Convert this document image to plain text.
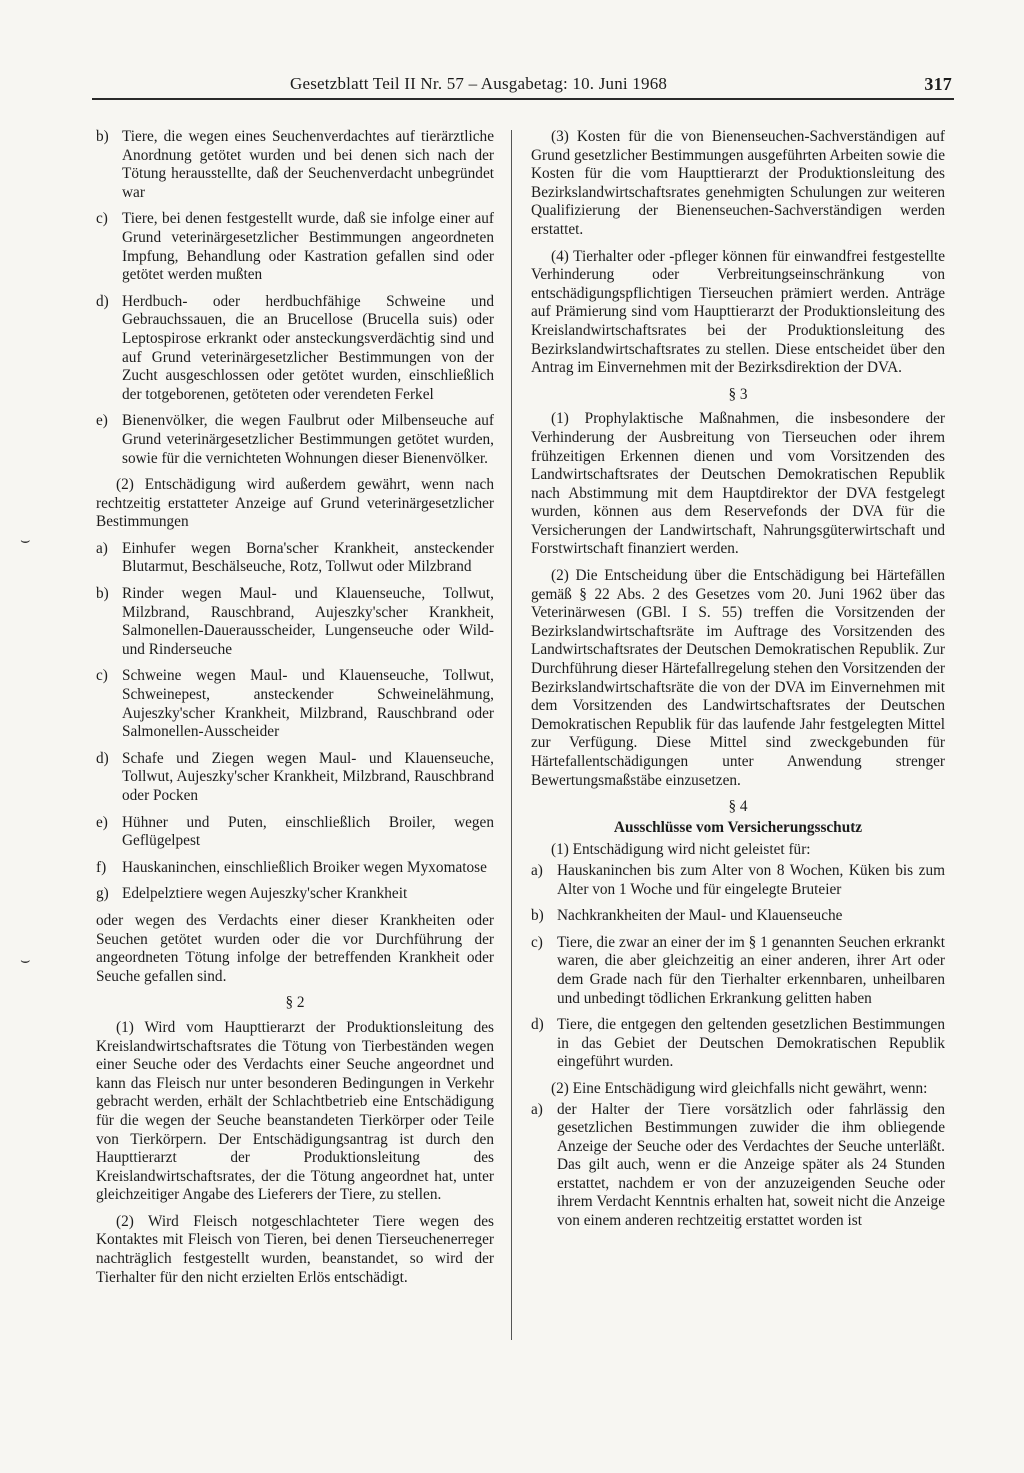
Gesetzblatt Teil II Nr. 57 – Ausgabetag: 10. Juni 1968	317
⌣
⌣
b) Tiere, die wegen eines Seuchenverdachtes auf tierärztliche Anordnung getötet wurden und bei denen sich nach der Tötung herausstellte, daß der Seuchenverdacht unbegründet war
c) Tiere, bei denen festgestellt wurde, daß sie infolge einer auf Grund veterinärgesetzlicher Bestimmungen angeordneten Impfung, Behandlung oder Kastration gefallen sind oder getötet werden mußten
d) Herdbuch- oder herdbuchfähige Schweine und Gebrauchssauen, die an Brucellose (Brucella suis) oder Leptospirose erkrankt oder ansteckungsverdächtig sind und auf Grund veterinärgesetzlicher Bestimmungen von der Zucht ausgeschlossen oder getötet wurden, einschließlich der totgeborenen, getöteten oder verendeten Ferkel
e) Bienenvölker, die wegen Faulbrut oder Milbenseuche auf Grund veterinärgesetzlicher Bestimmungen getötet wurden, sowie für die vernichteten Wohnungen dieser Bienenvölker.

(2) Entschädigung wird außerdem gewährt, wenn nach rechtzeitig erstatteter Anzeige auf Grund veterinärgesetzlicher Bestimmungen

a) Einhufer wegen Borna'scher Krankheit, ansteckender Blutarmut, Beschälseuche, Rotz, Tollwut oder Milzbrand
b) Rinder wegen Maul- und Klauenseuche, Tollwut, Milzbrand, Rauschbrand, Aujeszky'scher Krankheit, Salmonellen-Dauerausscheider, Lungenseuche oder Wild- und Rinderseuche
c) Schweine wegen Maul- und Klauenseuche, Tollwut, Schweinepest, ansteckender Schweinelähmung, Aujeszky'scher Krankheit, Milzbrand, Rauschbrand oder Salmonellen-Ausscheider
d) Schafe und Ziegen wegen Maul- und Klauenseuche, Tollwut, Aujeszky'scher Krankheit, Milzbrand, Rauschbrand oder Pocken
e) Hühner und Puten, einschließlich Broiler, wegen Geflügelpest
f)	Hauskaninchen, einschließlich Broiker wegen Myxomatose
g) Edelpelztiere wegen Aujeszky'scher Krankheit

oder wegen des Verdachts einer dieser Krankheiten oder Seuchen getötet wurden oder die vor Durchführung der angeordneten Tötung infolge der betreffenden Krankheit oder Seuche gefallen sind.

§ 2

(1) Wird vom Haupttierarzt der Produktionsleitung des Kreislandwirtschaftsrates die Tötung von Tierbeständen wegen einer Seuche oder des Verdachts einer Seuche angeordnet und kann das Fleisch nur unter besonderen Bedingungen in Verkehr gebracht werden, erhält der Schlachtbetrieb eine Entschädigung für die wegen der Seuche beanstandeten Tierkörper oder Teile von Tierkörpern. Der Entschädigungsantrag ist durch den Haupttierarzt der Produktionsleitung des Kreislandwirtschaftsrates, der die Tötung angeordnet hat, unter gleichzeitiger Angabe des Lieferers der Tiere, zu stellen.

(2) Wird Fleisch notgeschlachteter Tiere wegen des Kontaktes mit Fleisch von Tieren, bei denen Tierseuchenerreger nachträglich festgestellt wurden, beanstandet, so wird der Tierhalter für den nicht erzielten Erlös entschädigt.

(3) Kosten für die von Bienenseuchen-Sachverständigen auf Grund gesetzlicher Bestimmungen ausgeführten Arbeiten sowie die Kosten für die vom Haupttierarzt der Produktionsleitung des Bezirkslandwirtschaftsrates genehmigten Schulungen zur weiteren Qualifizierung der Bienenseuchen-Sachverständigen werden erstattet.

(4) Tierhalter oder -pfleger können für einwandfrei festgestellte Verhinderung oder Verbreitungseinschränkung von entschädigungspflichtigen Tierseuchen prämiert werden. Anträge auf Prämierung sind vom Haupttierarzt der Produktionsleitung des Kreislandwirtschaftsrates bei der Produktionsleitung des Bezirkslandwirtschaftsrates zu stellen. Diese entscheidet über den Antrag im Einvernehmen mit der Bezirksdirektion der DVA.

§ 3

(1) Prophylaktische Maßnahmen, die insbesondere der Verhinderung der Ausbreitung von Tierseuchen oder ihrem frühzeitigen Erkennen dienen und vom Vorsitzenden des Landwirtschaftsrates der Deutschen Demokratischen Republik nach Abstimmung mit dem Hauptdirektor der DVA festgelegt wurden, können aus dem Reservefonds der DVA für die Versicherungen der Landwirtschaft, Nahrungsgüterwirtschaft und Forstwirtschaft finanziert werden.

(2) Die Entscheidung über die Entschädigung bei Härtefällen gemäß § 22 Abs. 2 des Gesetzes vom 20. Juni 1962 über das Veterinärwesen (GBl. I S. 55) treffen die Vorsitzenden der Bezirkslandwirtschaftsräte im Auftrage des Vorsitzenden des Landwirtschaftsrates der Deutschen Demokratischen Republik. Zur Durchführung dieser Härtefallregelung stehen den Vorsitzenden der Bezirkslandwirtschaftsräte die von der DVA im Einvernehmen mit dem Vorsitzenden des Landwirtschaftsrates der Deutschen Demokratischen Republik für das laufende Jahr festgelegten Mittel zur Verfügung. Diese Mittel sind zweckgebunden für Härtefallentschädigungen unter Anwendung strenger Bewertungsmaßstäbe einzusetzen.

§ 4
Ausschlüsse vom Versicherungsschutz

(1) Entschädigung wird nicht geleistet für:

a) Hauskaninchen bis zum Alter von 8 Wochen, Küken bis zum Alter von 1 Woche und für eingelegte Bruteier
b) Nachkrankheiten der Maul- und Klauenseuche
c) Tiere, die zwar an einer der im § 1 genannten Seuchen erkrankt waren, die aber gleichzeitig an einer anderen, ihrer Art oder dem Grade nach für den Tierhalter erkennbaren, unheilbaren und unbedingt tödlichen Erkrankung gelitten haben
d) Tiere, die entgegen den geltenden gesetzlichen Bestimmungen in das Gebiet der Deutschen Demokratischen Republik eingeführt wurden.

(2) Eine Entschädigung wird gleichfalls nicht gewährt, wenn:

a) der Halter der Tiere vorsätzlich oder fahrlässig den gesetzlichen Bestimmungen zuwider die ihm obliegende Anzeige der Seuche oder des Verdachtes der Seuche unterläßt. Das gilt auch, wenn er die Anzeige später als 24 Stunden erstattet, nachdem er von der anzuzeigenden Seuche oder ihrem Verdacht Kenntnis erhalten hat, soweit nicht die Anzeige von einem anderen rechtzeitig erstattet worden ist
